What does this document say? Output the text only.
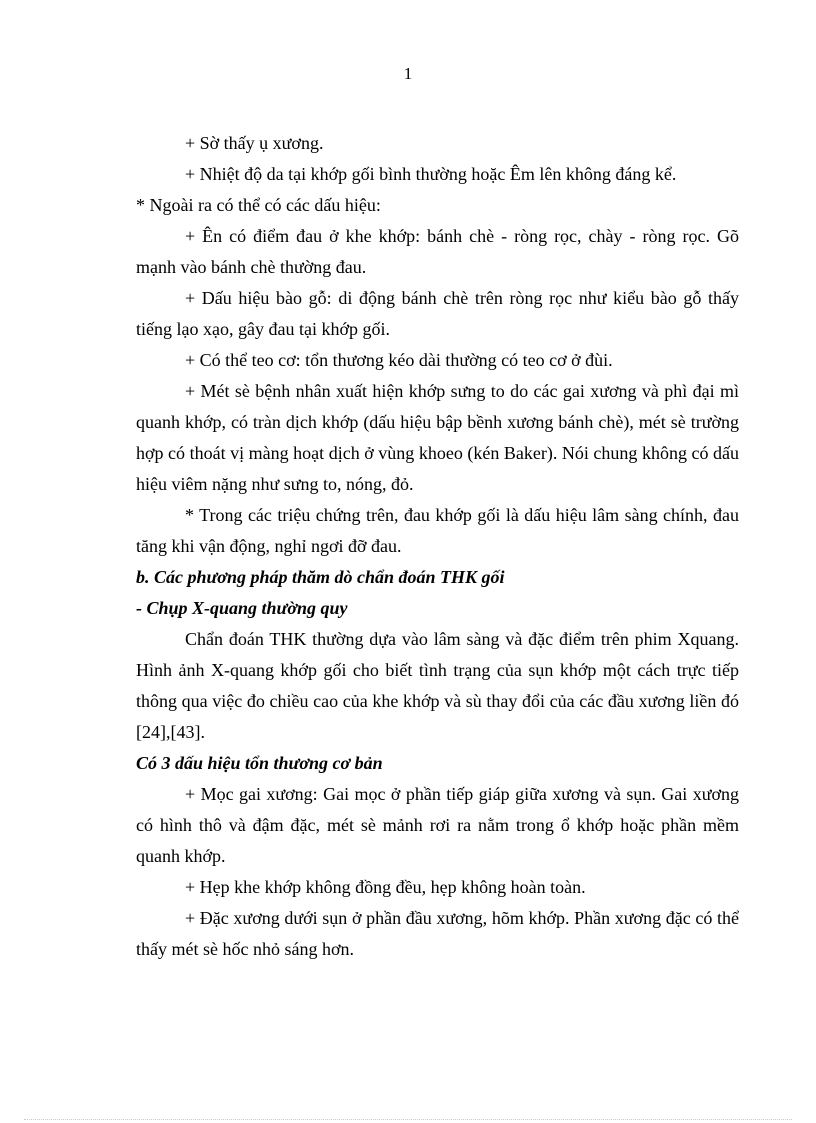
1

+ Sờ thấy ụ xương.

+ Nhiệt độ da tại khớp gối bình thường hoặc Êm lên không đáng kể.

* Ngoài ra có thể có các dấu hiệu:

+ Ên có điểm đau ở khe khớp: bánh chè - ròng rọc, chày - ròng rọc. Gõ mạnh vào bánh chè thường đau.

+ Dấu hiệu bào gỗ: di động bánh chè trên ròng rọc như kiểu bào gỗ thấy tiếng lạo xạo, gây đau tại khớp gối.

+ Có thể teo cơ: tổn thương kéo dài thường có teo cơ ở đùi.

+ Mét sè bệnh nhân xuất hiện khớp sưng to do các gai xương và phì đại mì quanh khớp, có tràn dịch khớp (dấu hiệu bập bềnh xương bánh chè), mét sè trường hợp có thoát vị màng hoạt dịch ở vùng khoeo (kén Baker). Nói chung không có dấu hiệu viêm nặng như sưng to, nóng, đỏ.

* Trong các triệu chứng trên, đau khớp gối là dấu hiệu lâm sàng chính, đau tăng khi vận động, nghỉ ngơi đỡ đau.

b. Các phương pháp thăm dò chẩn đoán THK gối

- Chụp X-quang thường quy

Chẩn đoán THK thường dựa vào lâm sàng và đặc điểm trên phim Xquang. Hình ảnh X-quang khớp gối cho biết tình trạng của sụn khớp một cách trực tiếp thông qua việc đo chiều cao của khe khớp và sù thay đổi của các đầu xương liền đó [24],[43].

Có 3 dấu hiệu tổn thương cơ bản

+ Mọc gai xương: Gai mọc ở phần tiếp giáp giữa xương và sụn. Gai xương có hình thô và đậm đặc, mét sè mảnh rơi ra nằm trong ổ khớp hoặc phần mềm quanh khớp.

+ Hẹp khe khớp không đồng đều, hẹp không hoàn toàn.

+ Đặc xương dưới sụn ở phần đầu xương, hõm khớp. Phần xương đặc có thể thấy mét sè hốc nhỏ sáng hơn.
